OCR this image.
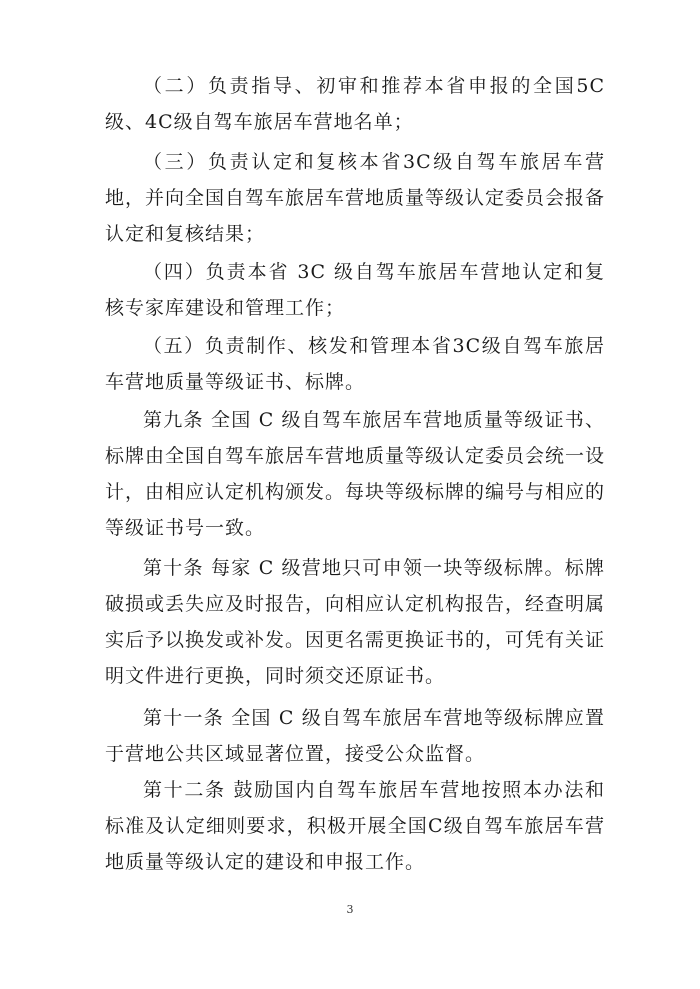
（二）负责指导、初审和推荐本省申报的全国5C级、4C级自驾车旅居车营地名单；

（三）负责认定和复核本省3C级自驾车旅居车营地，并向全国自驾车旅居车营地质量等级认定委员会报备认定和复核结果；

（四）负责本省 3C 级自驾车旅居车营地认定和复核专家库建设和管理工作；

（五）负责制作、核发和管理本省3C级自驾车旅居车营地质量等级证书、标牌。

第九条 全国 C 级自驾车旅居车营地质量等级证书、标牌由全国自驾车旅居车营地质量等级认定委员会统一设计，由相应认定机构颁发。每块等级标牌的编号与相应的等级证书号一致。

第十条 每家 C 级营地只可申领一块等级标牌。标牌破损或丢失应及时报告，向相应认定机构报告，经查明属实后予以换发或补发。因更名需更换证书的，可凭有关证明文件进行更换，同时须交还原证书。

第十一条 全国 C 级自驾车旅居车营地等级标牌应置于营地公共区域显著位置，接受公众监督。

第十二条 鼓励国内自驾车旅居车营地按照本办法和标准及认定细则要求，积极开展全国C级自驾车旅居车营地质量等级认定的建设和申报工作。

3
